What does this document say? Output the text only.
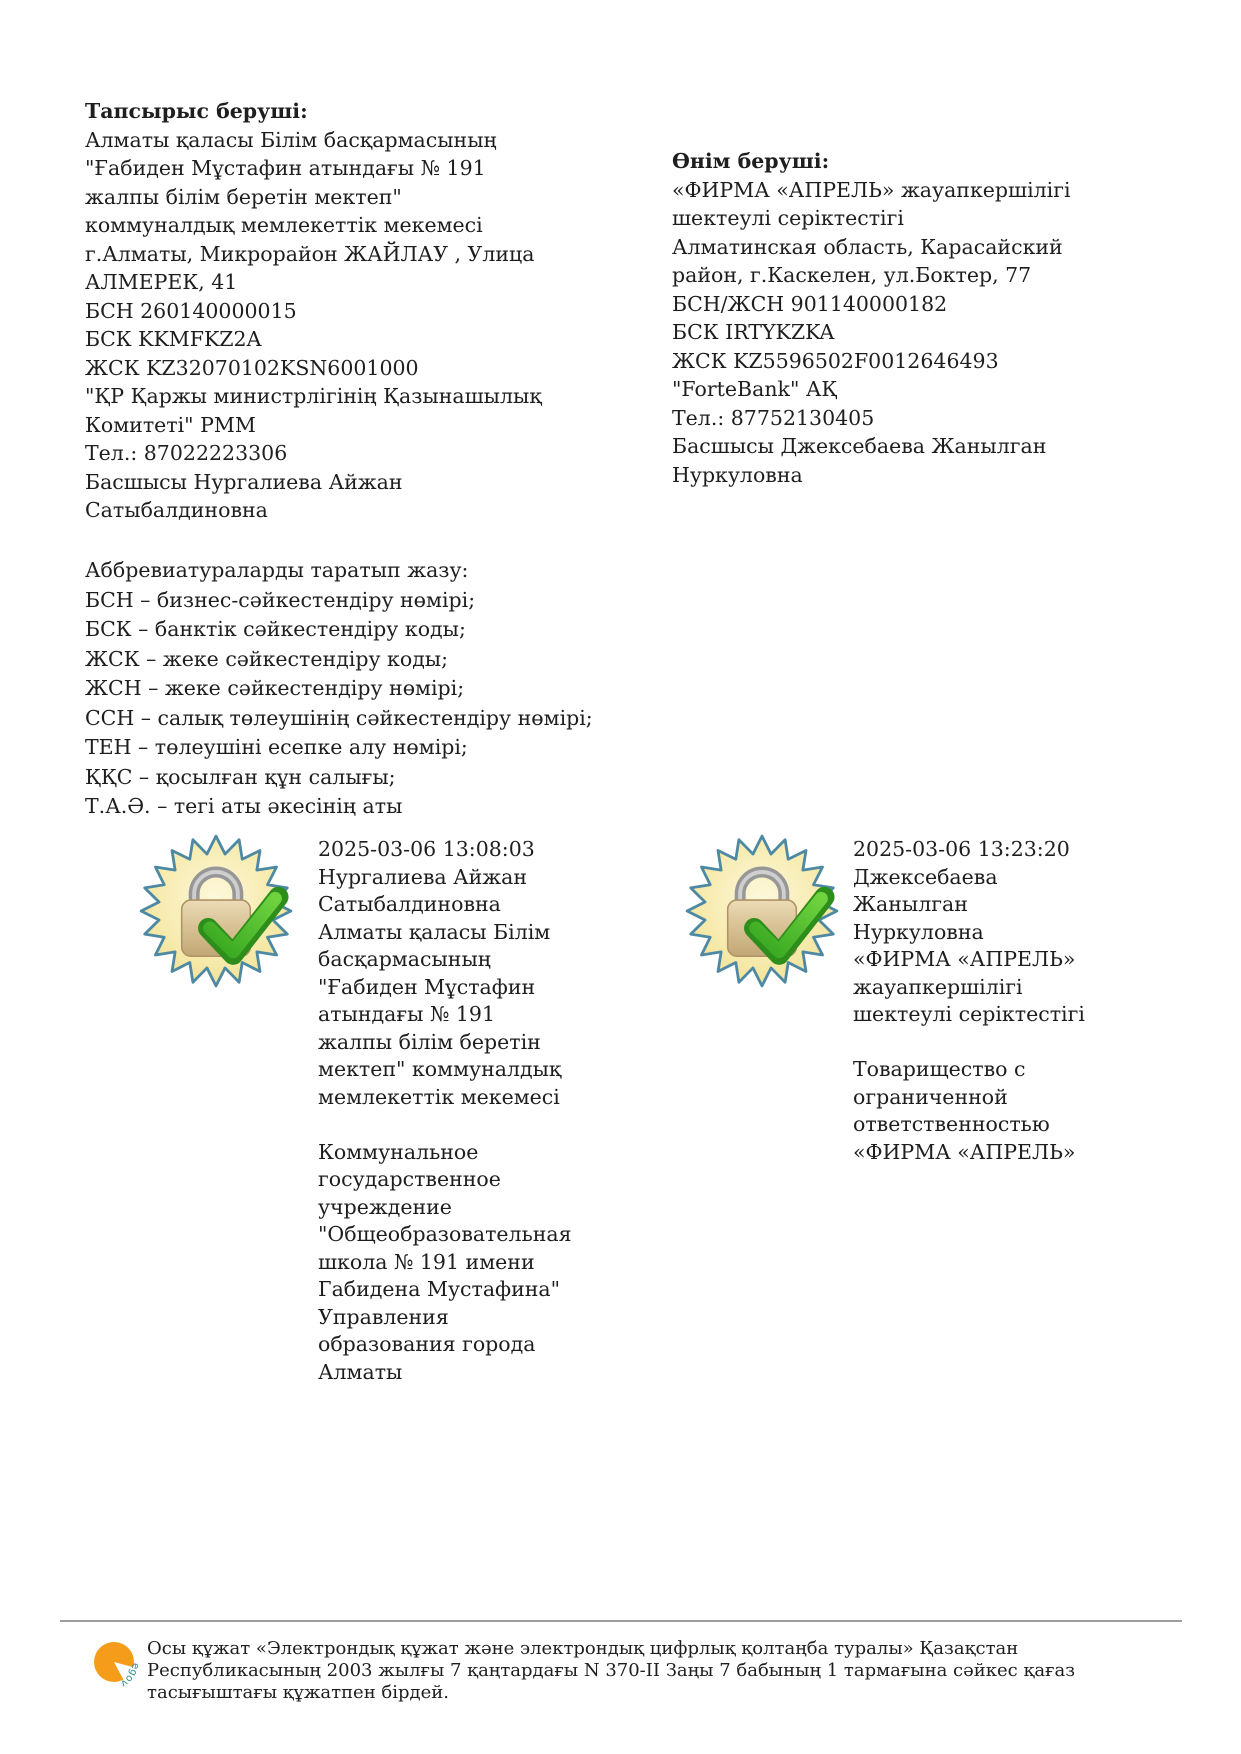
Тапсырыс беруші:
Алматы қаласы Білім басқармасының
"Ғабиден Мұстафин атындағы № 191
жалпы білім беретін мектеп"
коммуналдық мемлекеттік мекемесі
г.Алматы, Микрорайон ЖАЙЛАУ , Улица
АЛМЕРЕК, 41
БСН 260140000015
БСК KKMFKZ2A
ЖСК KZ32070102KSN6001000
"ҚР Қаржы министрлігінің Қазынашылық
Комитеті" РММ
Тел.: 87022223306
Басшысы Нургалиева Айжан
Сатыбалдиновна
Өнім беруші:
«ФИРМА «АПРЕЛЬ» жауапкершілігі
шектеулі серіктестігі
Алматинская область, Карасайский
район, г.Каскелен, ул.Боктер, 77
БСН/ЖСН 901140000182
БСК IRTYKZKA
ЖСК KZ5596502F0012646493
"ForteBank" АҚ
Тел.: 87752130405
Басшысы Джексебаева Жанылган
Нуркуловна
Аббревиатураларды таратып жазу:
БСН – бизнес-сәйкестендіру нөмірі;
БСК – банктік сәйкестендіру коды;
ЖСК – жеке сәйкестендіру коды;
ЖСН – жеке сәйкестендіру нөмірі;
ССН – салық төлеушінің сәйкестендіру нөмірі;
ТЕН – төлеушіні есепке алу нөмірі;
ҚҚС – қосылған құн салығы;
Т.А.Ә. – тегі аты әкесінің аты
2025-03-06 13:08:03
Нургалиева Айжан
Сатыбалдиновна
Алматы қаласы Білім
басқармасының
"Ғабиден Мұстафин
атындағы № 191
жалпы білім беретін
мектеп" коммуналдық
мемлекеттік мекемесі
Коммунальное
государственное
учреждение
"Общеобразовательная
школа № 191 имени
Габидена Мустафина"
Управления
образования города
Алматы
2025-03-06 13:23:20
Джексебаева
Жанылган
Нуркуловна
«ФИРМА «АПРЕЛЬ»
жауапкершілігі
шектеулі серіктестігі
Товарищество с
ограниченной
ответственностью
«ФИРМА «АПРЕЛЬ»
Осы құжат «Электрондық құжат және электрондық цифрлық қолтаңба туралы» Қазақстан
Республикасының 2003 жылғы 7 қаңтардағы N 370-II Заңы 7 бабының 1 тармағына сәйкес қағаз
тасығыштағы құжатпен бірдей.
